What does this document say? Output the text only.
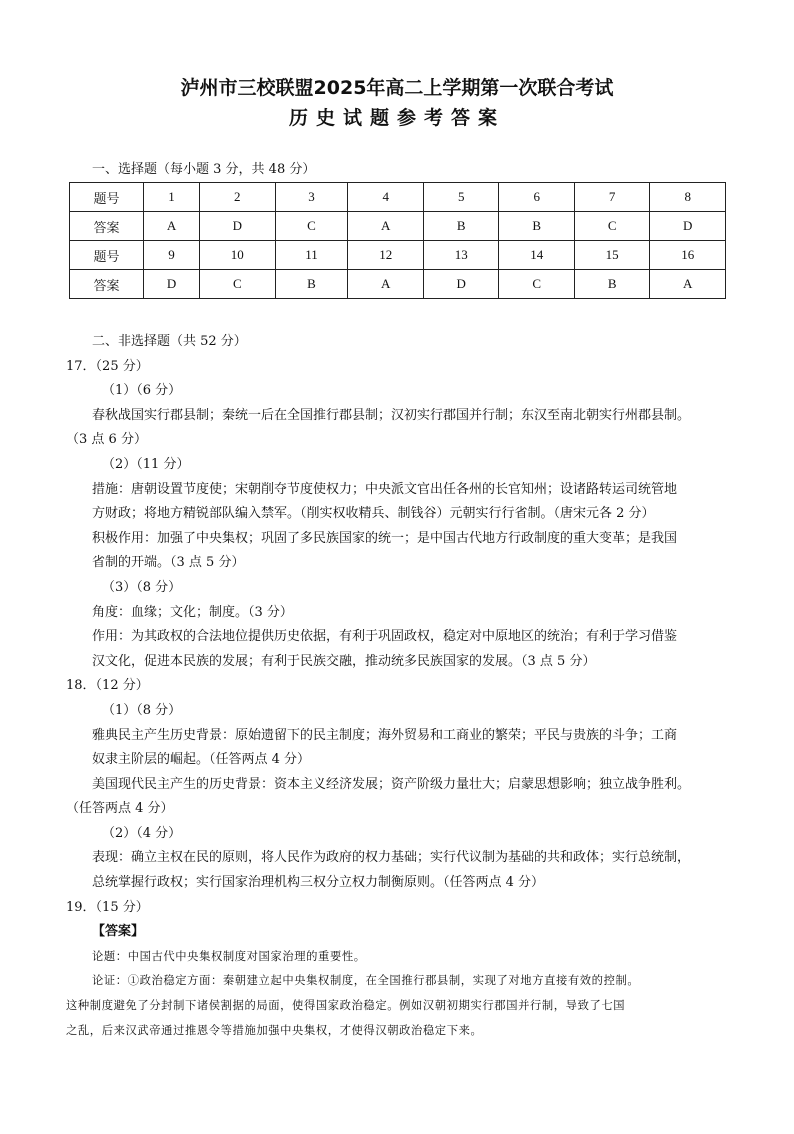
泸州市三校联盟2025年高二上学期第一次联合考试
历史试题参考答案
一、选择题（每小题 3 分，共 48 分）
题号	1	2	3	4	5	6	7	8
答案	A	D	C	A	B	B	C	D
题号	9	10	11	12	13	14	15	16
答案	D	C	B	A	D	C	B	A
二、非选择题（共 52 分）
17．（25 分）
（1）（6 分）
春秋战国实行郡县制；秦统一后在全国推行郡县制；汉初实行郡国并行制；东汉至南北朝实行州郡县制。
（3 点 6 分）
（2）（11 分）
措施：唐朝设置节度使；宋朝削夺节度使权力；中央派文官出任各州的长官知州；设诸路转运司统管地
方财政；将地方精锐部队编入禁军。（削实权收精兵、制钱谷）元朝实行行省制。（唐宋元各 2 分）
积极作用：加强了中央集权；巩固了多民族国家的统一；是中国古代地方行政制度的重大变革；是我国
省制的开端。（3 点 5 分）
（3）（8 分）
角度：血缘；文化；制度。（3 分）
作用：为其政权的合法地位提供历史依据，有利于巩固政权，稳定对中原地区的统治；有利于学习借鉴
汉文化，促进本民族的发展；有利于民族交融，推动统多民族国家的发展。（3 点 5 分）
18．（12 分）
（1）（8 分）
雅典民主产生历史背景：原始遗留下的民主制度；海外贸易和工商业的繁荣；平民与贵族的斗争；工商
奴隶主阶层的崛起。（任答两点 4 分）
美国现代民主产生的历史背景：资本主义经济发展；资产阶级力量壮大；启蒙思想影响；独立战争胜利。
（任答两点 4 分）
（2）（4 分）
表现：确立主权在民的原则，将人民作为政府的权力基础；实行代议制为基础的共和政体；实行总统制，
总统掌握行政权；实行国家治理机构三权分立权力制衡原则。（任答两点 4 分）
19．（15 分）
【答案】
论题：中国古代中央集权制度对国家治理的重要性。
论证：①政治稳定方面：秦朝建立起中央集权制度，在全国推行郡县制，实现了对地方直接有效的控制。
这种制度避免了分封制下诸侯割据的局面，使得国家政治稳定。例如汉朝初期实行郡国并行制，导致了七国
之乱，后来汉武帝通过推恩令等措施加强中央集权，才使得汉朝政治稳定下来。
